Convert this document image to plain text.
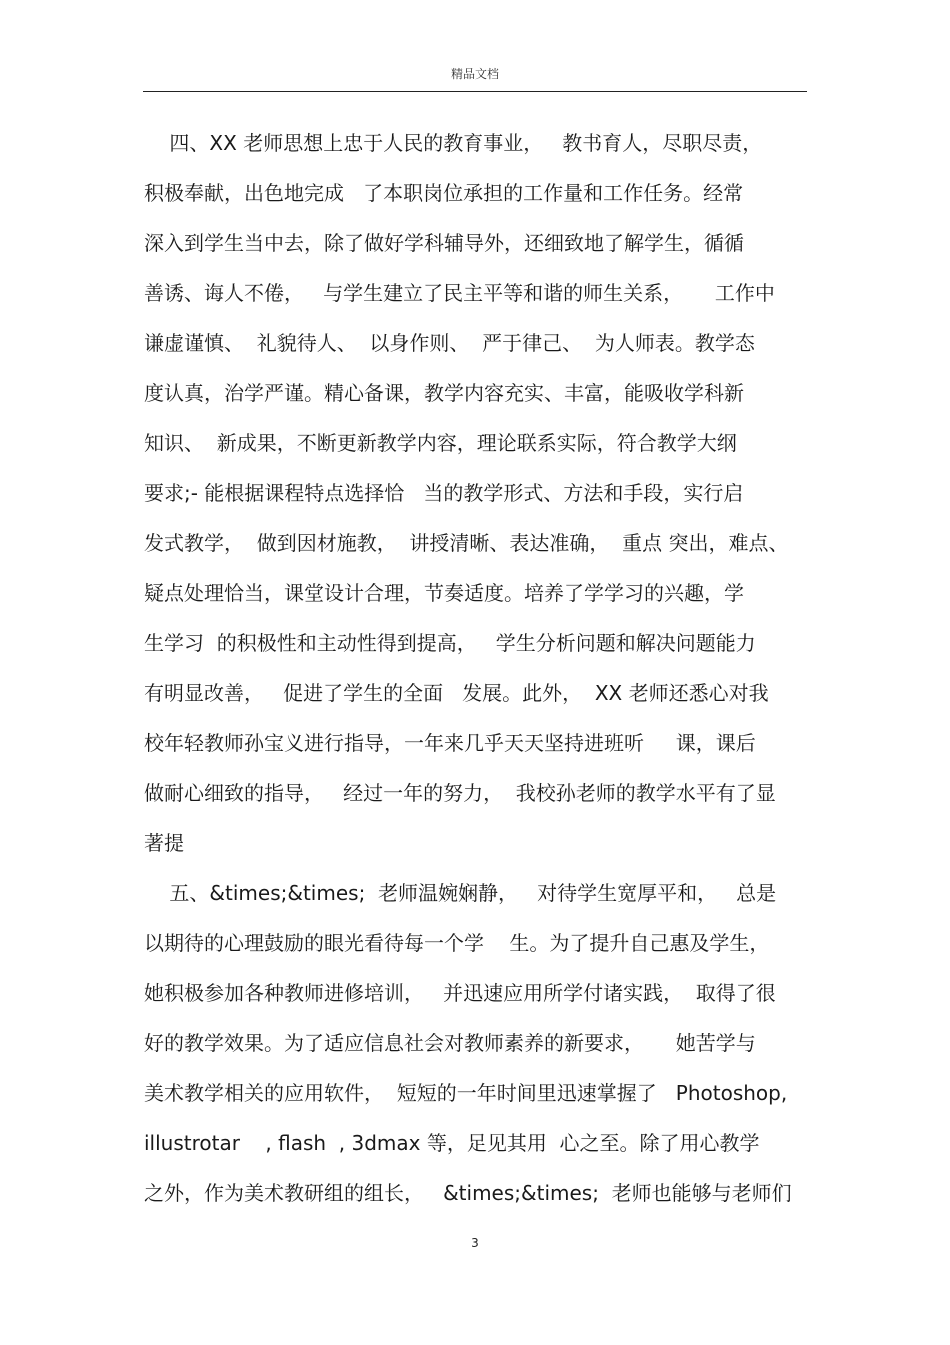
精品文档
四、XX 老师思想上忠于人民的教育事业，   教书育人，尽职尽责，
积极奉献，出色地完成   了本职岗位承担的工作量和工作任务。经常
深入到学生当中去，除了做好学科辅导外，还细致地了解学生，循循
善诱、诲人不倦，   与学生建立了民主平等和谐的师生关系，     工作中
谦虚谨慎、  礼貌待人、  以身作则、  严于律己、  为人师表。教学态
度认真，治学严谨。精心备课，教学内容充实、丰富，能吸收学科新
知识、  新成果，不断更新教学内容，理论联系实际，符合教学大纲
要求;- 能根据课程特点选择恰   当的教学形式、方法和手段，实行启
发式教学，  做到因材施教，  讲授清晰、表达准确，  重点 突出，难点、
疑点处理恰当，课堂设计合理，节奏适度。培养了学学习的兴趣，学
生学习  的积极性和主动性得到提高，   学生分析问题和解决问题能力
有明显改善，   促进了学生的全面   发展。此外，  XX 老师还悉心对我
校年轻教师孙宝义进行指导，一年来几乎天天坚持进班听     课，课后
做耐心细致的指导，   经过一年的努力，  我校孙老师的教学水平有了显
著提
五、&times;&times;  老师温婉娴静，   对待学生宽厚平和，   总是
以期待的心理鼓励的眼光看待每一个学    生。为了提升自己惠及学生，
她积极参加各种教师进修培训，   并迅速应用所学付诸实践，  取得了很
好的教学效果。为了适应信息社会对教师素养的新要求，     她苦学与
美术教学相关的应用软件，  短短的一年时间里迅速掌握了   Photoshop,
illustrotar    , flash  , 3dmax 等，足见其用  心之至。除了用心教学
之外，作为美术教研组的组长，   &times;&times;  老师也能够与老师们
3
